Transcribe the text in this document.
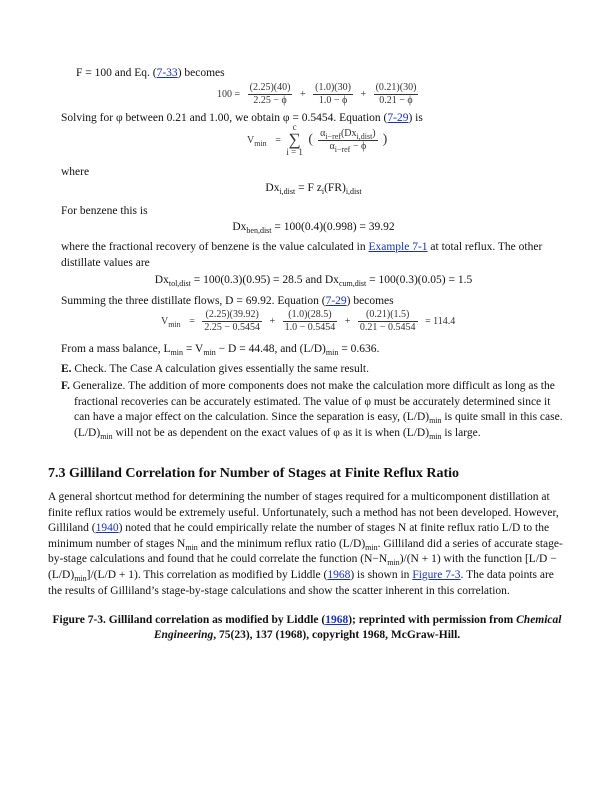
F = 100 and Eq. (7-33) becomes
$100 = \frac{(2.25)(40)}{2.25 - \phi} + \frac{(1.0)(30)}{1.0 - \phi} + \frac{(0.21)(30)}{0.21 - \phi}$
Solving for φ between 0.21 and 1.00, we obtain φ = 0.5454. Equation (7-29) is
$V_{min} = c$
∑
i = 1 ( $\frac{\alpha_{i-ref}(Dx_{i,dist})}{\alpha_{i-ref} - \phi}$ )
where
$Dx_{i,dist} = F$ $z_i(FR)_{i,dist}$
For benzene this is
$Dx_{ben,dist} = 100(0.4)(0.998) = 39.92$
where the fractional recovery of benzene is the value calculated in Example 7-1 at total reflux. The other distillate values are
$Dx_{tol,dist} = 100(0.3)(0.95) = 28.5$ and $Dx_{cum,dist} = 100(0.3)(0.05) = 1.5$
Summing the three distillate flows, D = 69.92. Equation (7-29) becomes
$V_{min} = \frac{(2.25)(39.92)}{2.25 - 0.5454} + \frac{(1.0)(28.5)}{1.0 - 0.5454} + \frac{(0.21)(1.5)}{0.21 - 0.5454} = 114.4$
From a mass balance, $L_{min} = V_{min} - D = 44.48$, and $(L/D)_{min} = 0.636$.
E. Check. The Case A calculation gives essentially the same result.
F. Generalize. The addition of more components does not make the calculation more difficult as long as the fractional recoveries can be accurately estimated. The value of φ must be accurately determined since it can have a major effect on the calculation. Since the separation is easy, $(L/D)_{min}$ is quite small in this case. $(L/D)_{min}$ will not be as dependent on the exact values of φ as it is when $(L/D)_{min}$ is large.
7.3 Gilliland Correlation for Number of Stages at Finite Reflux Ratio
A general shortcut method for determining the number of stages required for a multicomponent distillation at finite reflux ratios would be extremely useful. Unfortunately, such a method has not been developed. However, Gilliland (1940) noted that he could empirically relate the number of stages N at finite reflux ratio L/D to the minimum number of stages $N_{min}$ and the minimum reflux ratio $(L/D)_{min}$. Gilliland did a series of accurate stage-by-stage calculations and found that he could correlate the function $(N-N_{min})/(N + 1)$ with the function $[L/D - (L/D)_{min}]/(L/D + 1)$. This correlation as modified by Liddle (1968) is shown in Figure 7-3. The data points are the results of Gilliland’s stage-by-stage calculations and show the scatter inherent in this correlation.
Figure 7-3. Gilliland correlation as modified by Liddle (1968); reprinted with permission from Chemical Engineering, 75(23), 137 (1968), copyright 1968, McGraw-Hill.
